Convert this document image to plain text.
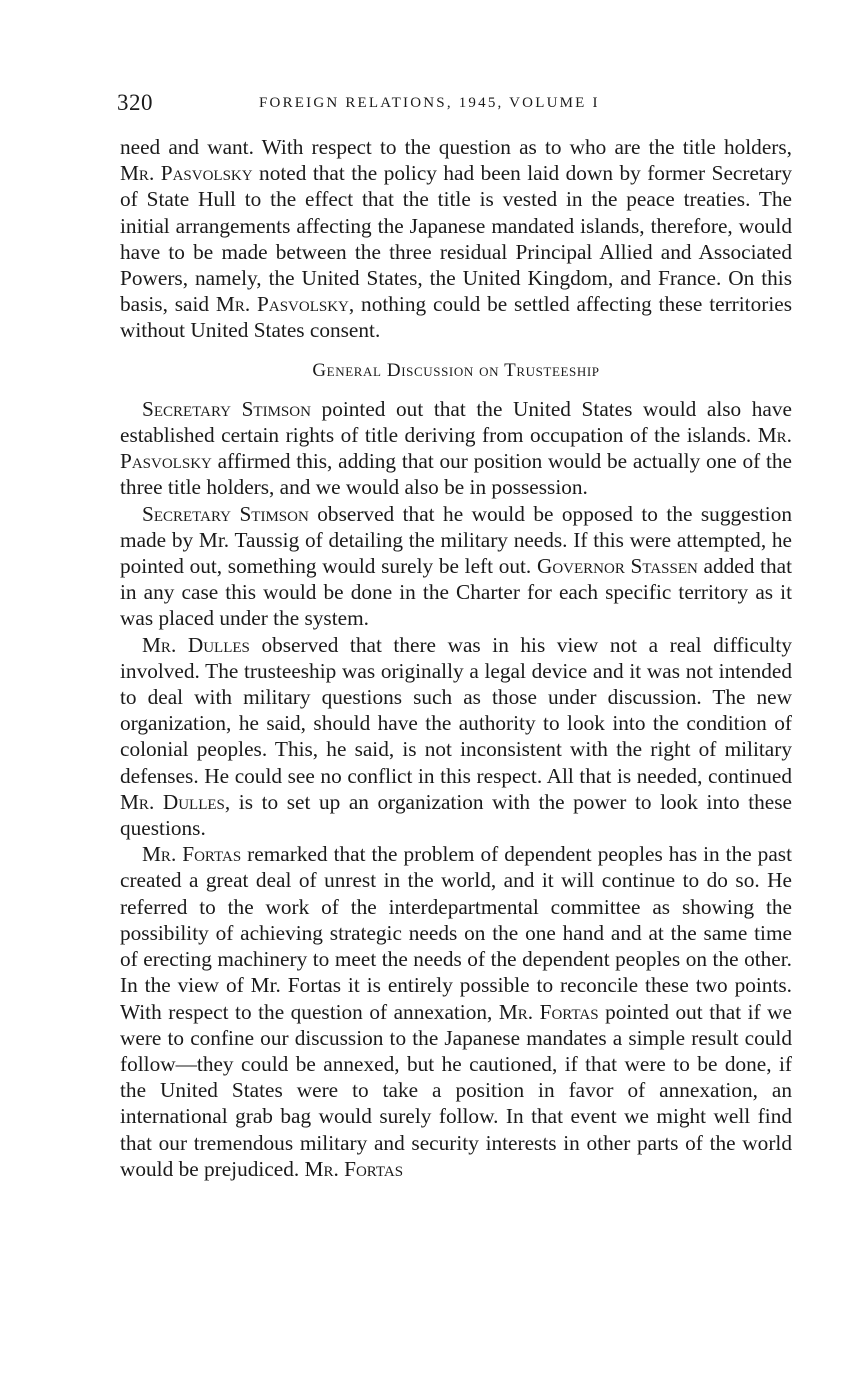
320	FOREIGN RELATIONS, 1945, VOLUME I

need and want. With respect to the question as to who are the title holders, Mr. Pasvolsky noted that the policy had been laid down by former Secretary of State Hull to the effect that the title is vested in the peace treaties. The initial arrangements affecting the Japanese mandated islands, therefore, would have to be made between the three residual Principal Allied and Associated Powers, namely, the United States, the United Kingdom, and France. On this basis, said Mr. Pasvolsky, nothing could be settled affecting these territories without United States consent.

General Discussion on Trusteeship

Secretary Stimson pointed out that the United States would also have established certain rights of title deriving from occupation of the islands. Mr. Pasvolsky affirmed this, adding that our position would be actually one of the three title holders, and we would also be in possession.

Secretary Stimson observed that he would be opposed to the suggestion made by Mr. Taussig of detailing the military needs. If this were attempted, he pointed out, something would surely be left out. Governor Stassen added that in any case this would be done in the Charter for each specific territory as it was placed under the system.

Mr. Dulles observed that there was in his view not a real difficulty involved. The trusteeship was originally a legal device and it was not intended to deal with military questions such as those under discussion. The new organization, he said, should have the authority to look into the condition of colonial peoples. This, he said, is not inconsistent with the right of military defenses. He could see no conflict in this respect. All that is needed, continued Mr. Dulles, is to set up an organization with the power to look into these questions.

Mr. Fortas remarked that the problem of dependent peoples has in the past created a great deal of unrest in the world, and it will continue to do so. He referred to the work of the interdepartmental committee as showing the possibility of achieving strategic needs on the one hand and at the same time of erecting machinery to meet the needs of the dependent peoples on the other. In the view of Mr. Fortas it is entirely possible to reconcile these two points. With respect to the question of annexation, Mr. Fortas pointed out that if we were to confine our discussion to the Japanese mandates a simple result could follow—they could be annexed, but he cautioned, if that were to be done, if the United States were to take a position in favor of annexation, an international grab bag would surely follow. In that event we might well find that our tremendous military and security interests in other parts of the world would be prejudiced. Mr. Fortas
